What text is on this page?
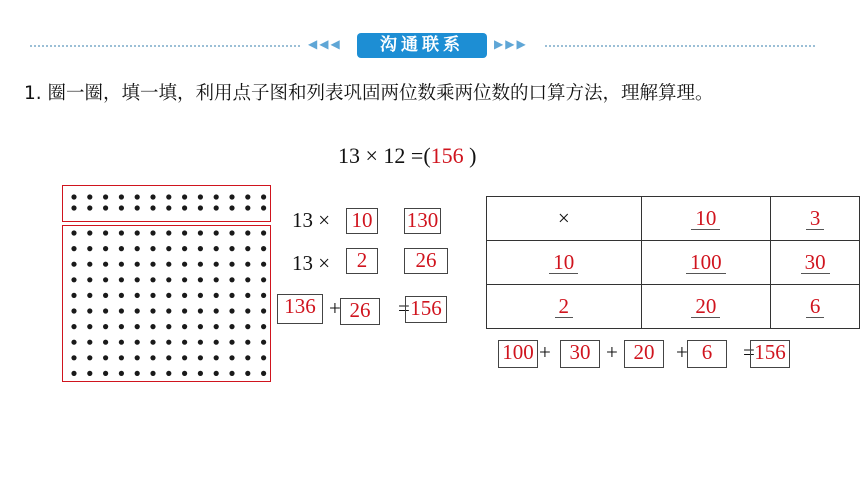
◀◀◀	沟通联系	▶▶▶
1. 圈一圈，填一填，利用点子图和列表巩固两位数乘两位数的口算方法，理解算理。
13 × 12 =(156 )
13 × 10 130
13 ×	2	26
136 + 26	= 156
×	10	3
10	100	30
2	20	6
100 + 30 + 20	+ 6	= 156
